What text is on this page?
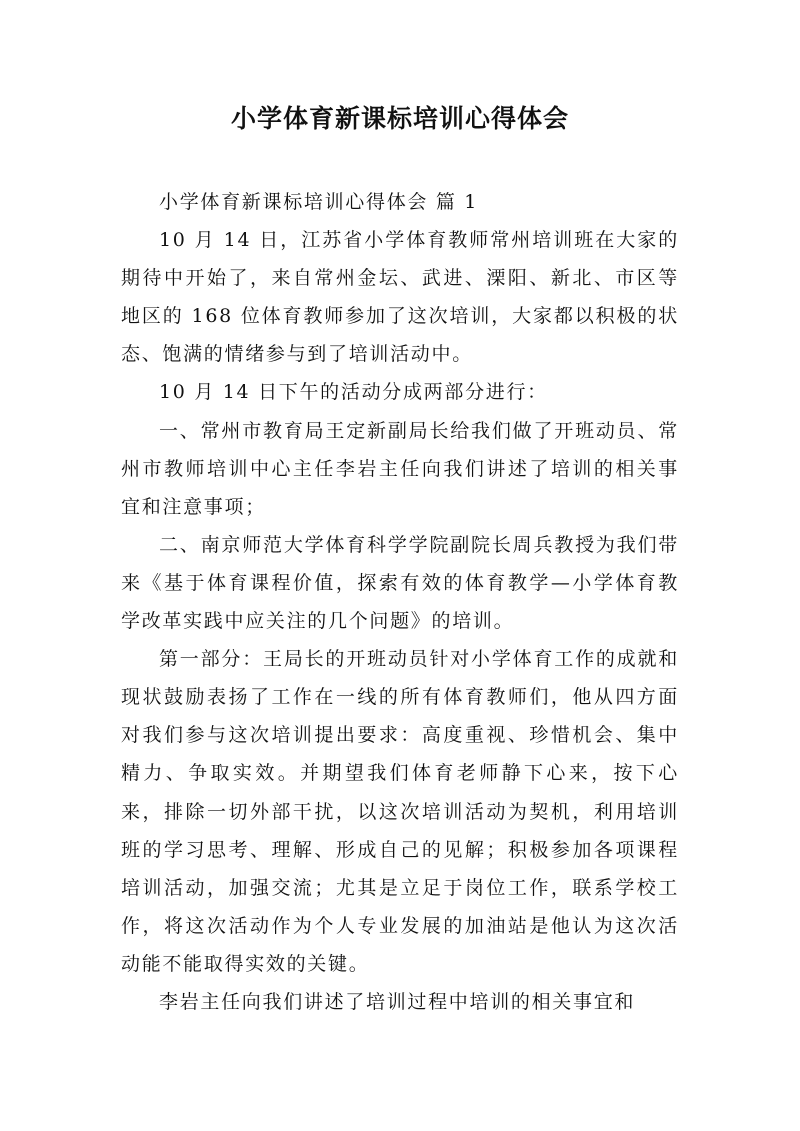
小学体育新课标培训心得体会

小学体育新课标培训心得体会 篇 1

10 月 14 日，江苏省小学体育教师常州培训班在大家的期待中开始了，来自常州金坛、武进、溧阳、新北、市区等地区的 168 位体育教师参加了这次培训，大家都以积极的状态、饱满的情绪参与到了培训活动中。

10 月 14 日下午的活动分成两部分进行：

一、常州市教育局王定新副局长给我们做了开班动员、常州市教师培训中心主任李岩主任向我们讲述了培训的相关事宜和注意事项；

二、南京师范大学体育科学学院副院长周兵教授为我们带来《基于体育课程价值，探索有效的体育教学—小学体育教学改革实践中应关注的几个问题》的培训。

第一部分：王局长的开班动员针对小学体育工作的成就和现状鼓励表扬了工作在一线的所有体育教师们，他从四方面对我们参与这次培训提出要求：高度重视、珍惜机会、集中精力、争取实效。并期望我们体育老师静下心来，按下心来，排除一切外部干扰，以这次培训活动为契机，利用培训班的学习思考、理解、形成自己的见解；积极参加各项课程培训活动，加强交流；尤其是立足于岗位工作，联系学校工作，将这次活动作为个人专业发展的加油站是他认为这次活动能不能取得实效的关键。

李岩主任向我们讲述了培训过程中培训的相关事宜和
